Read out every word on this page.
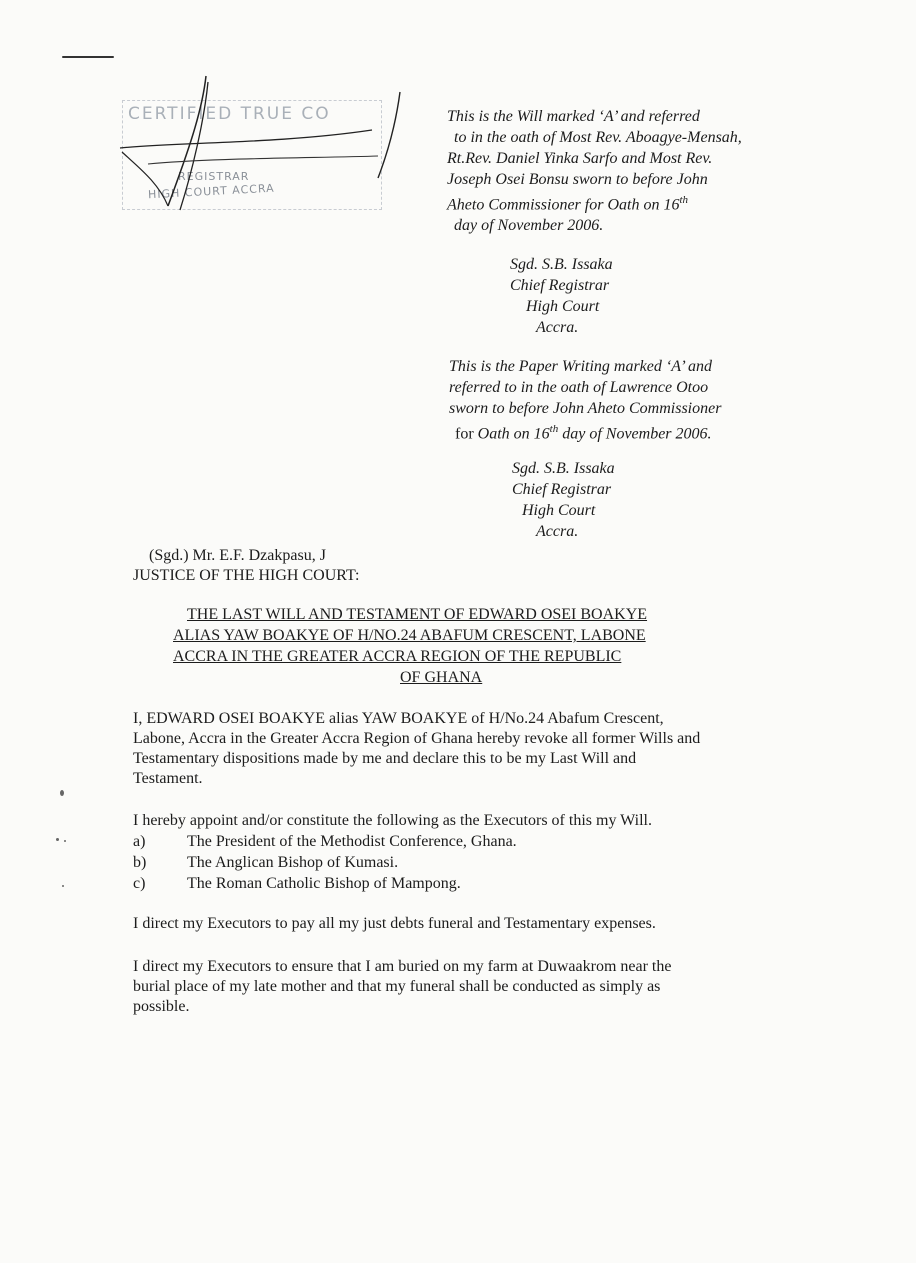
CERTIFIED TRUE CO
REGISTRAR
HIGH COURT ACCRA
This is the Will marked ‘A’ and referred
to in the oath of Most Rev. Aboagye-Mensah,
Rt.Rev. Daniel Yinka Sarfo and Most Rev.
Joseph Osei Bonsu sworn to before John
Aheto Commissioner for Oath on 16th
day of November 2006.
Sgd. S.B. Issaka
Chief Registrar
High Court
Accra.
This is the Paper Writing marked ‘A’ and
referred to in the oath of Lawrence Otoo
sworn to before John Aheto Commissioner
for Oath on 16th day of November 2006.
Sgd. S.B. Issaka
Chief Registrar
High Court
Accra.
(Sgd.) Mr. E.F. Dzakpasu, J
JUSTICE OF THE HIGH COURT:
THE LAST WILL AND TESTAMENT OF EDWARD OSEI BOAKYE
ALIAS YAW BOAKYE OF H/NO.24 ABAFUM CRESCENT, LABONE
ACCRA IN THE GREATER ACCRA REGION OF THE REPUBLIC
OF GHANA
I, EDWARD OSEI BOAKYE alias YAW BOAKYE of H/No.24 Abafum Crescent,
Labone, Accra in the Greater Accra Region of Ghana hereby revoke all former Wills and
Testamentary dispositions made by me and declare this to be my Last Will and
Testament.
I hereby appoint and/or constitute the following as the Executors of this my Will.
a)	The President of the Methodist Conference, Ghana.
b)	The Anglican Bishop of Kumasi.
c)	The Roman Catholic Bishop of Mampong.
I direct my Executors to pay all my just debts funeral and Testamentary expenses.
I direct my Executors to ensure that I am buried on my farm at Duwaakrom near the
burial place of my late mother and that my funeral shall be conducted as simply as
possible.
